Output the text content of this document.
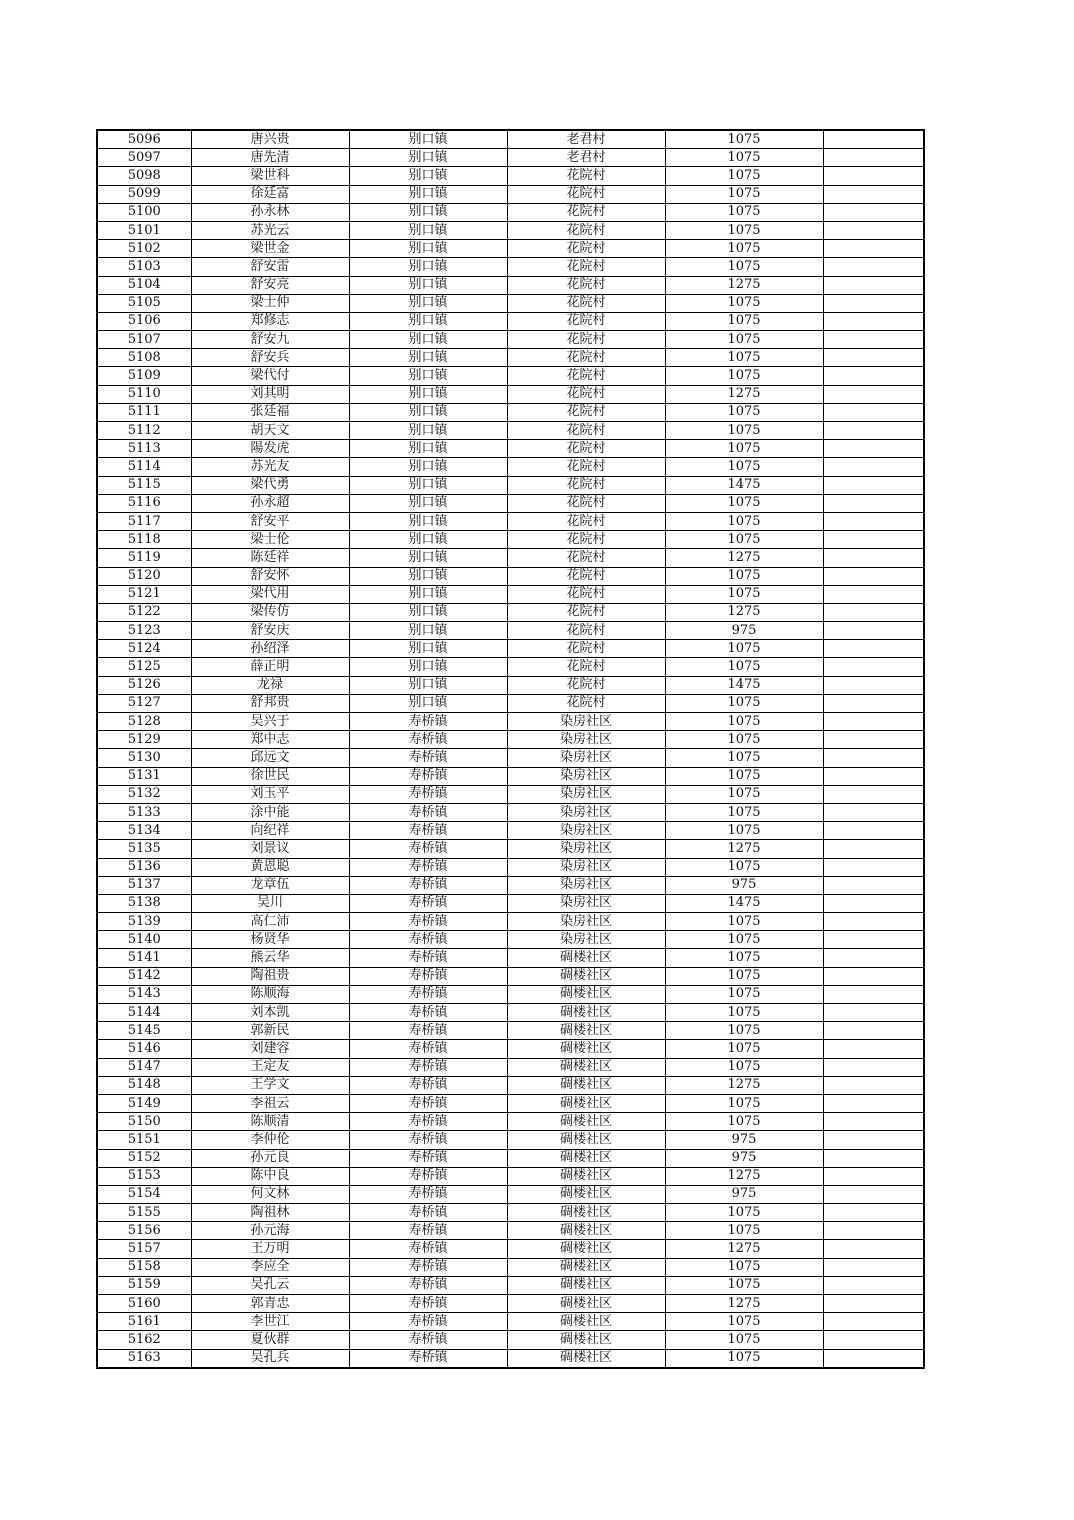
5096	唐兴贵	别口镇	老君村	1075	
5097	唐先清	别口镇	老君村	1075	
5098	梁世科	别口镇	花院村	1075	
5099	徐廷富	别口镇	花院村	1075	
5100	孙永林	别口镇	花院村	1075	
5101	苏光云	别口镇	花院村	1075	
5102	梁世金	别口镇	花院村	1075	
5103	舒安雷	别口镇	花院村	1075	
5104	舒安亮	别口镇	花院村	1275	
5105	梁士仲	别口镇	花院村	1075	
5106	郑修志	别口镇	花院村	1075	
5107	舒安九	别口镇	花院村	1075	
5108	舒安兵	别口镇	花院村	1075	
5109	梁代付	别口镇	花院村	1075	
5110	刘其明	别口镇	花院村	1275	
5111	张廷福	别口镇	花院村	1075	
5112	胡天文	别口镇	花院村	1075	
5113	陽发虎	别口镇	花院村	1075	
5114	苏光友	别口镇	花院村	1075	
5115	梁代勇	别口镇	花院村	1475	
5116	孙永超	别口镇	花院村	1075	
5117	舒安平	别口镇	花院村	1075	
5118	梁士伦	别口镇	花院村	1075	
5119	陈廷祥	别口镇	花院村	1275	
5120	舒安怀	别口镇	花院村	1075	
5121	梁代用	别口镇	花院村	1075	
5122	梁传仿	别口镇	花院村	1275	
5123	舒安庆	别口镇	花院村	975	
5124	孙绍泽	别口镇	花院村	1075	
5125	薛正明	别口镇	花院村	1075	
5126	龙禄	别口镇	花院村	1475	
5127	舒邦贵	别口镇	花院村	1075	
5128	吴兴于	寿桥镇	染房社区	1075	
5129	郑中志	寿桥镇	染房社区	1075	
5130	邱远文	寿桥镇	染房社区	1075	
5131	徐世民	寿桥镇	染房社区	1075	
5132	刘玉平	寿桥镇	染房社区	1075	
5133	涂中能	寿桥镇	染房社区	1075	
5134	向纪祥	寿桥镇	染房社区	1075	
5135	刘景议	寿桥镇	染房社区	1275	
5136	黄恩聪	寿桥镇	染房社区	1075	
5137	龙章伍	寿桥镇	染房社区	975	
5138	吴川	寿桥镇	染房社区	1475	
5139	高仁沛	寿桥镇	染房社区	1075	
5140	杨贤华	寿桥镇	染房社区	1075	
5141	熊云华	寿桥镇	碉楼社区	1075	
5142	陶祖贵	寿桥镇	碉楼社区	1075	
5143	陈顺海	寿桥镇	碉楼社区	1075	
5144	刘本凯	寿桥镇	碉楼社区	1075	
5145	郭新民	寿桥镇	碉楼社区	1075	
5146	刘建容	寿桥镇	碉楼社区	1075	
5147	王定友	寿桥镇	碉楼社区	1075	
5148	王学文	寿桥镇	碉楼社区	1275	
5149	李祖云	寿桥镇	碉楼社区	1075	
5150	陈顺清	寿桥镇	碉楼社区	1075	
5151	李仲伦	寿桥镇	碉楼社区	975	
5152	孙元良	寿桥镇	碉楼社区	975	
5153	陈中良	寿桥镇	碉楼社区	1275	
5154	何文林	寿桥镇	碉楼社区	975	
5155	陶祖林	寿桥镇	碉楼社区	1075	
5156	孙元海	寿桥镇	碉楼社区	1075	
5157	王万明	寿桥镇	碉楼社区	1275	
5158	李应全	寿桥镇	碉楼社区	1075	
5159	吴孔云	寿桥镇	碉楼社区	1075	
5160	郭青忠	寿桥镇	碉楼社区	1275	
5161	李世江	寿桥镇	碉楼社区	1075	
5162	夏伙群	寿桥镇	碉楼社区	1075	
5163	吴孔兵	寿桥镇	碉楼社区	1075	
